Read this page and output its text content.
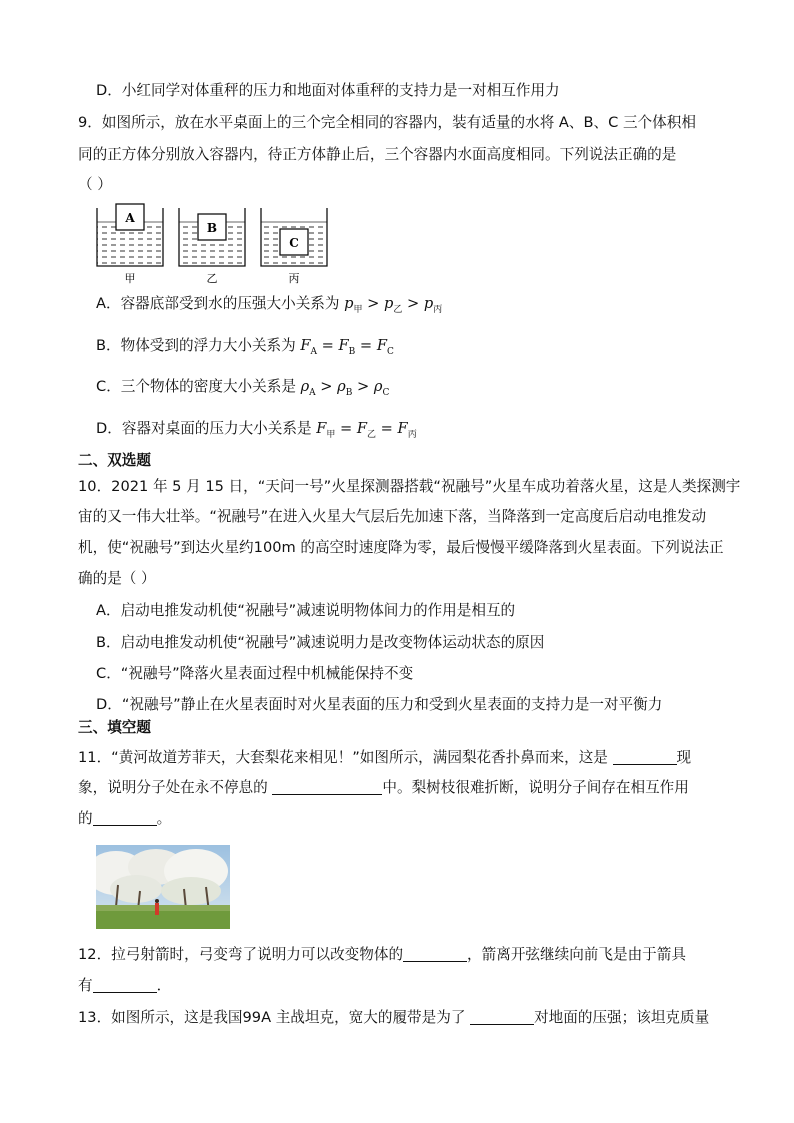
D．小红同学对体重秤的压力和地面对体重秤的支持力是一对相互作用力
9．如图所示，放在水平桌面上的三个完全相同的容器内，装有适量的水将 A、B、C 三个体积相
同的正方体分别放入容器内，待正方体静止后，三个容器内水面高度相同。下列说法正确的是
（ ）
A
甲
B
乙
C
丙
A．容器底部受到水的压强大小关系为 $p_甲 > p_乙 > p_丙$
B．物体受到的浮力大小关系为 $F_A = F_B = F_C$
C．三个物体的密度大小关系是 $\rho_A > \rho_B > \rho_C$
D．容器对桌面的压力大小关系是 $F_甲 = F_乙 = F_丙$
二、双选题
10．2021 年 5 月 15 日，“天问一号”火星探测器搭载“祝融号”火星车成功着落火星，这是人类探测宇
宙的又一伟大壮举。“祝融号”在进入火星大气层后先加速下落，当降落到一定高度后启动电推发动
机，使“祝融号”到达火星约100m 的高空时速度降为零，最后慢慢平缓降落到火星表面。下列说法正
确的是（ ）
A．启动电推发动机使“祝融号”减速说明物体间力的作用是相互的
B．启动电推发动机使“祝融号”减速说明力是改变物体运动状态的原因
C．“祝融号”降落火星表面过程中机械能保持不变
D．“祝融号”静止在火星表面时对火星表面的压力和受到火星表面的支持力是一对平衡力
三、填空题
11．“黄河故道芳菲天，大套梨花来相见！”如图所示，满园梨花香扑鼻而来，这是	现
象，说明分子处在永不停息的	中。梨树枝很难折断，说明分子间存在相互作用
的	。
12．拉弓射箭时，弓变弯了说明力可以改变物体的	，箭离开弦继续向前飞是由于箭具
有	．
13．如图所示，这是我国99A 主战坦克，宽大的履带是为了	对地面的压强；该坦克质量
